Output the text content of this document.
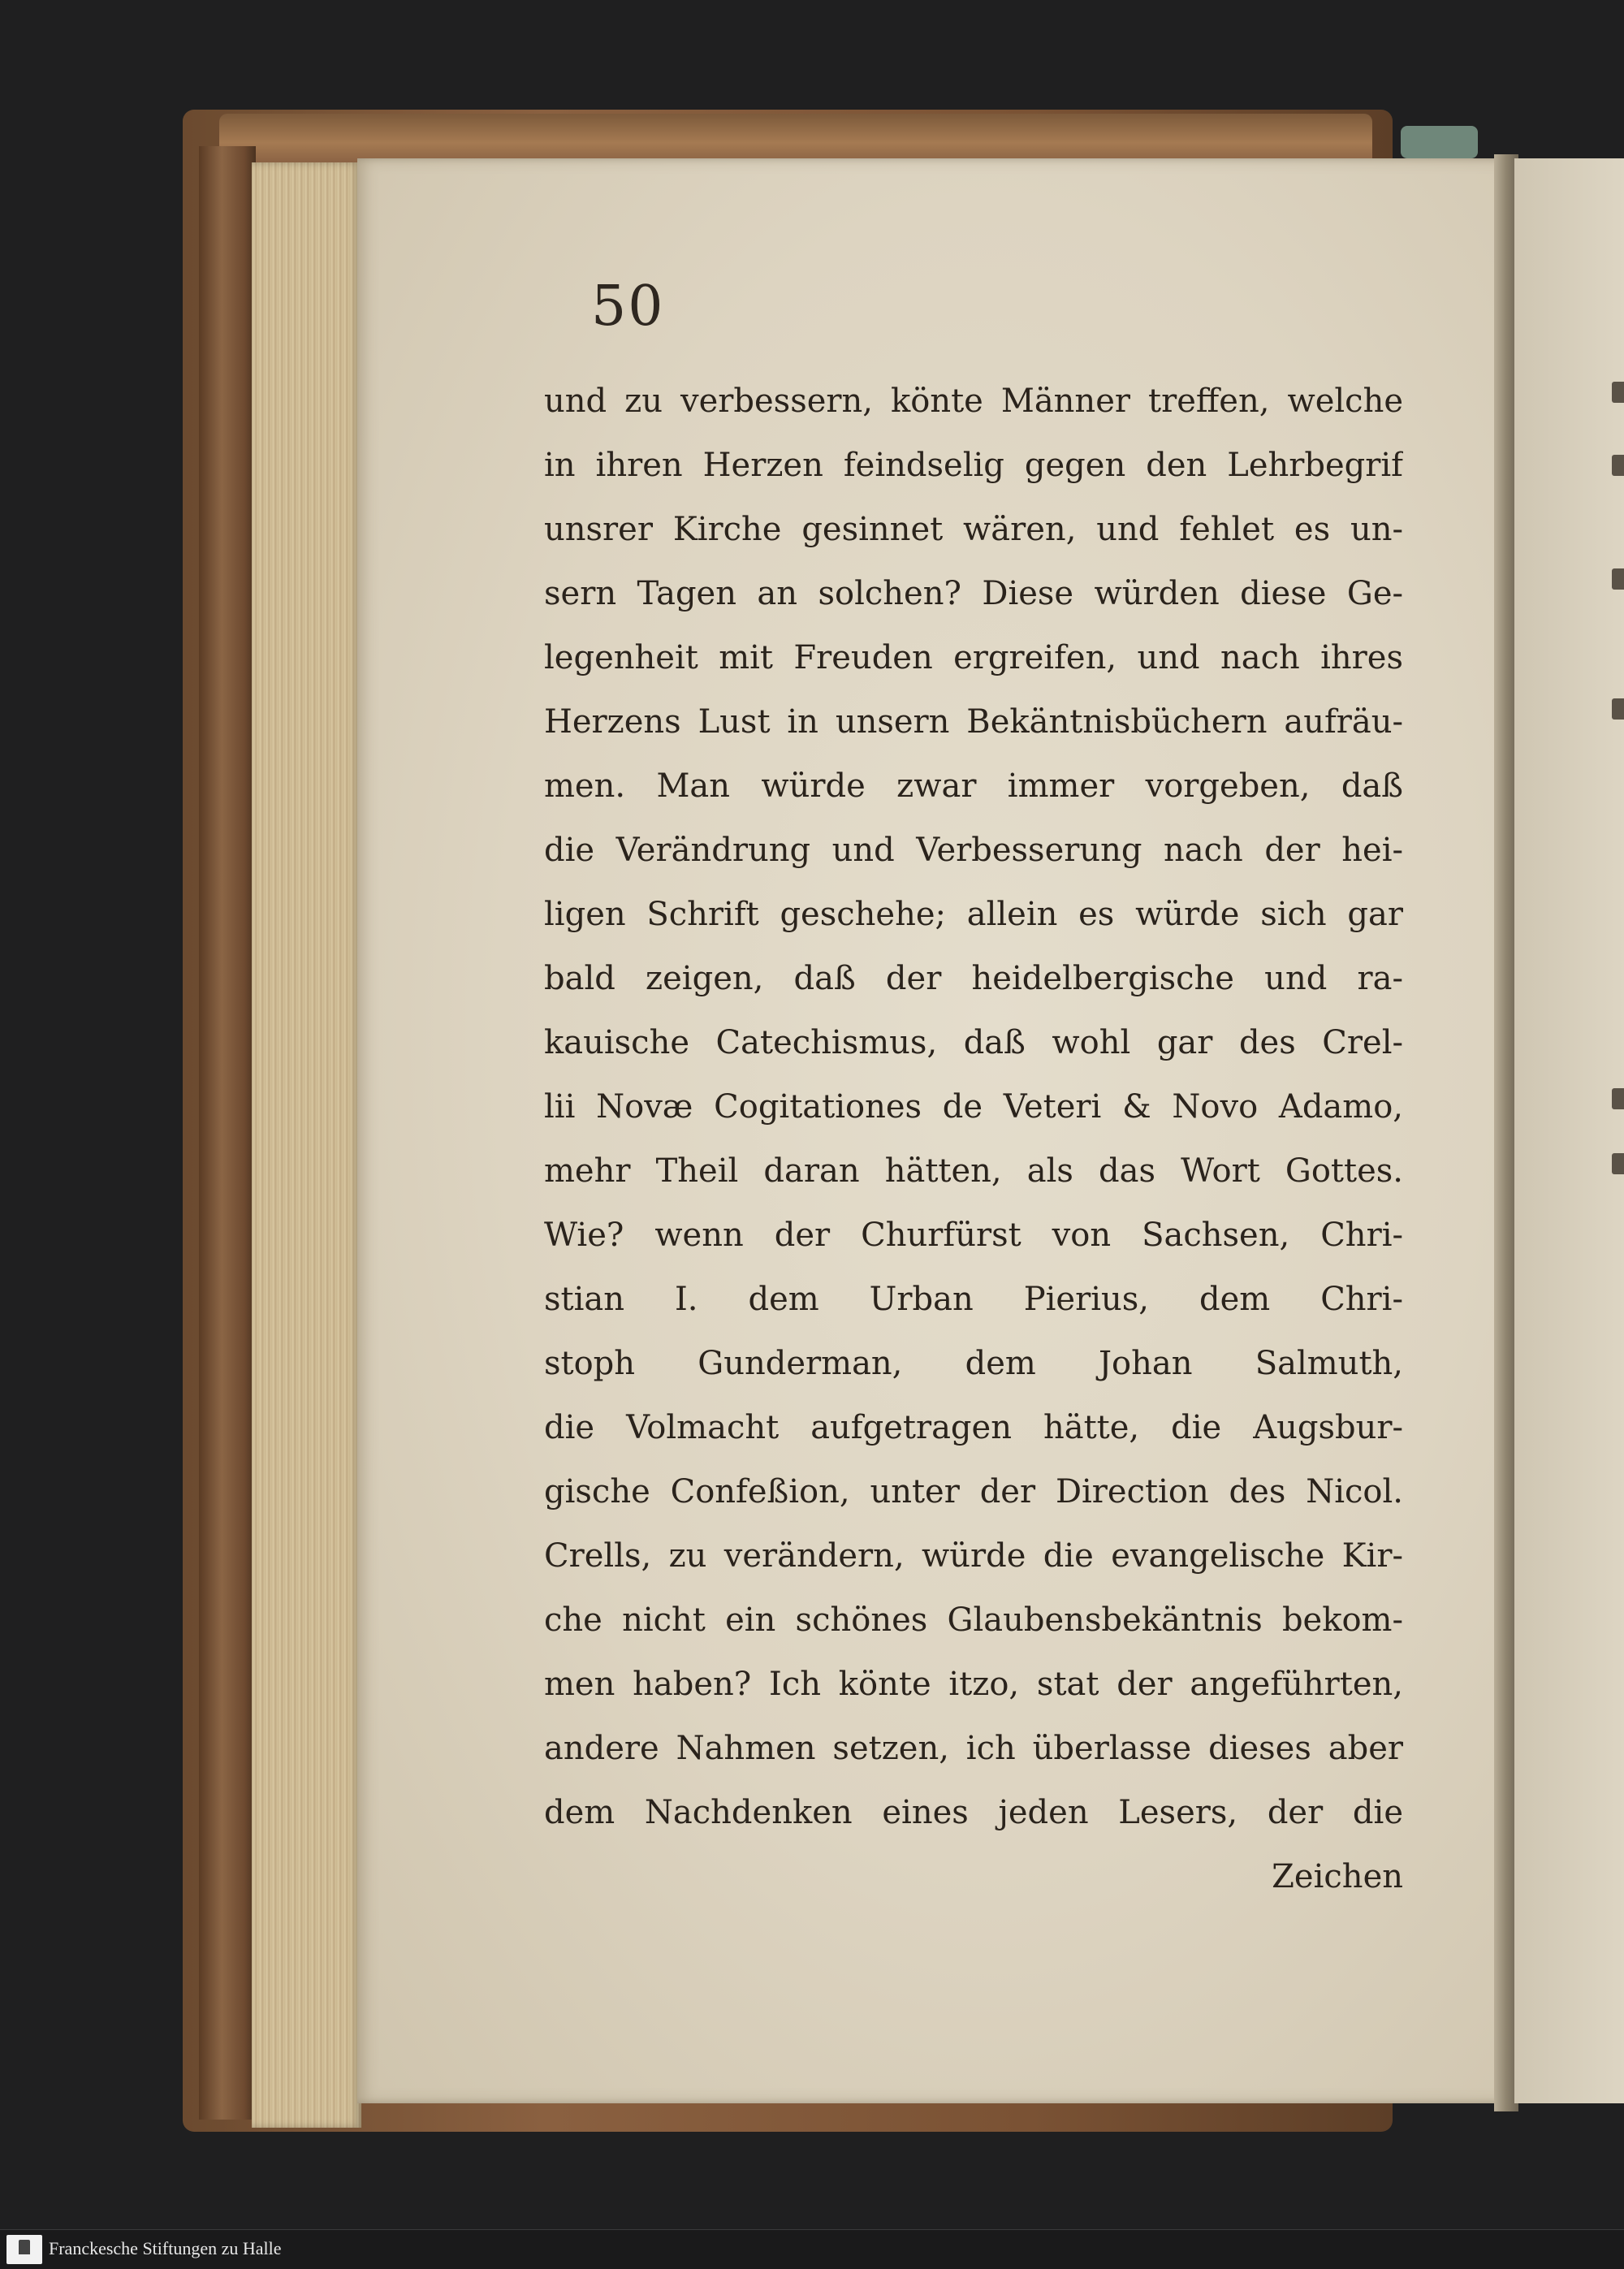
50
und zu verbessern, könte Männer treffen, welche
in ihren Herzen feindselig gegen den Lehrbegrif
unsrer Kirche gesinnet wären, und fehlet es un-
sern Tagen an solchen? Diese würden diese Ge-
legenheit mit Freuden ergreifen, und nach ihres
Herzens Lust in unsern Bekäntnisbüchern aufräu-
men. Man würde zwar immer vorgeben, daß
die Verändrung und Verbesserung nach der hei-
ligen Schrift geschehe; allein es würde sich gar
bald zeigen, daß der heidelbergische und ra-
kauische Catechismus, daß wohl gar des Crel-
lii Novæ Cogitationes de Veteri & Novo Adamo,
mehr Theil daran hätten, als das Wort Gottes.
Wie? wenn der Churfürst von Sachsen, Chri-
stian I. dem Urban Pierius, dem Chri-
stoph Gunderman, dem Johan Salmuth,
die Volmacht aufgetragen hätte, die Augsbur-
gische Confeßion, unter der Direction des Nicol.
Crells, zu verändern, würde die evangelische Kir-
che nicht ein schönes Glaubensbekäntnis bekom-
men haben? Ich könte itzo, stat der angeführten,
andere Nahmen setzen, ich überlasse dieses aber
dem Nachdenken eines jeden Lesers, der die
Zeichen
Franckesche Stiftungen zu Halle
